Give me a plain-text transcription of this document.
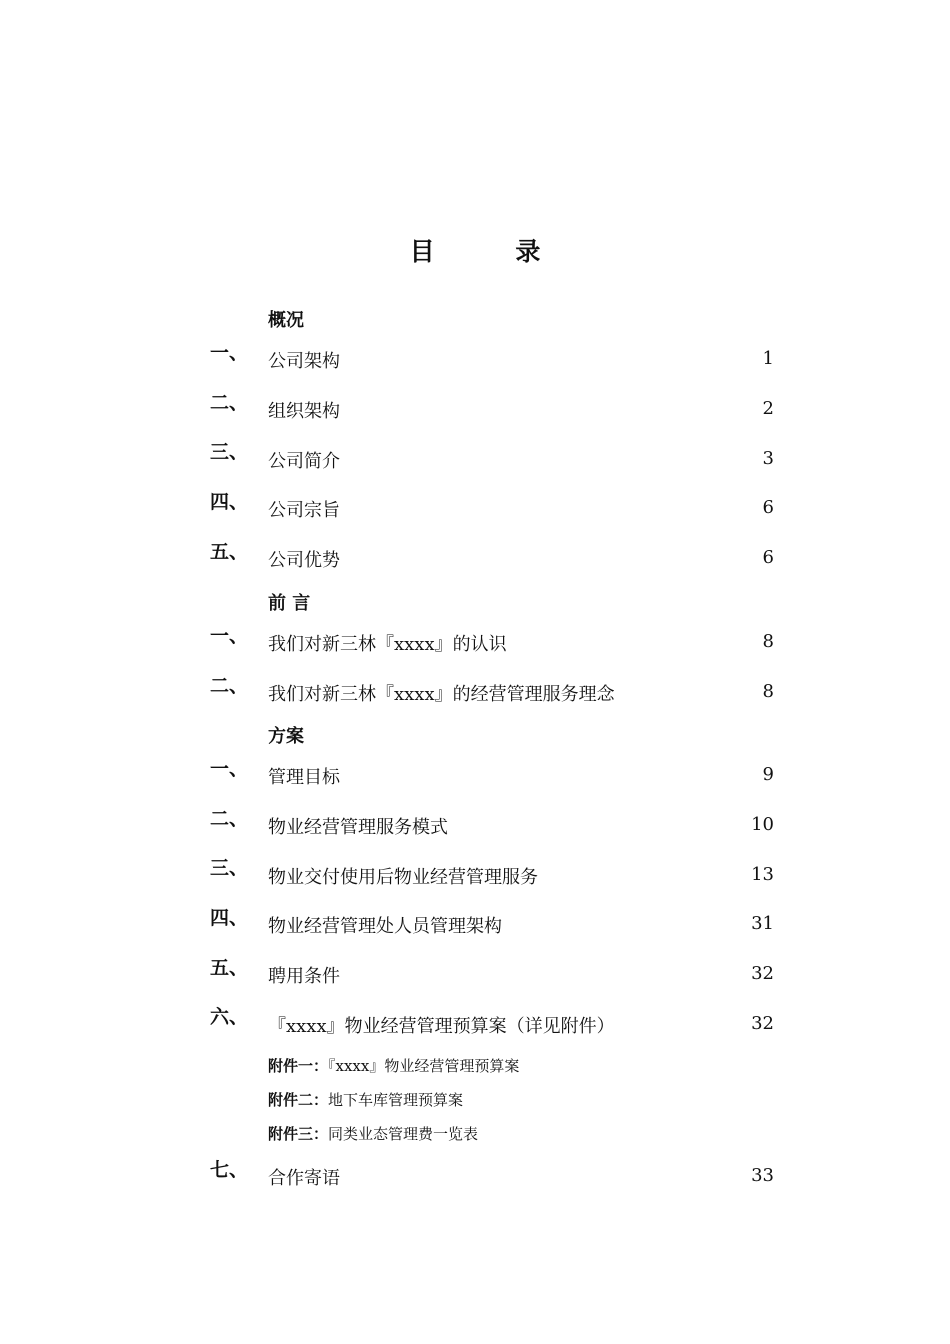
目 录
概况
一、 公司架构	1
二、 组织架构	2
三、 公司简介	3
四、 公司宗旨	6
五、 公司优势	6
前 言
一、 我们对新三林『xxxx』的认识	8
二、 我们对新三林『xxxx』的经营管理服务理念	8
方案
一、 管理目标	9
二、 物业经营管理服务模式	10
三、 物业交付使用后物业经营管理服务	13
四、 物业经营管理处人员管理架构	31
五、 聘用条件	32
六、 『xxxx』物业经营管理预算案（详见附件）	32
附件一：『xxxx』物业经营管理预算案
附件二：地下车库管理预算案
附件三：同类业态管理费一览表
七、 合作寄语	33
